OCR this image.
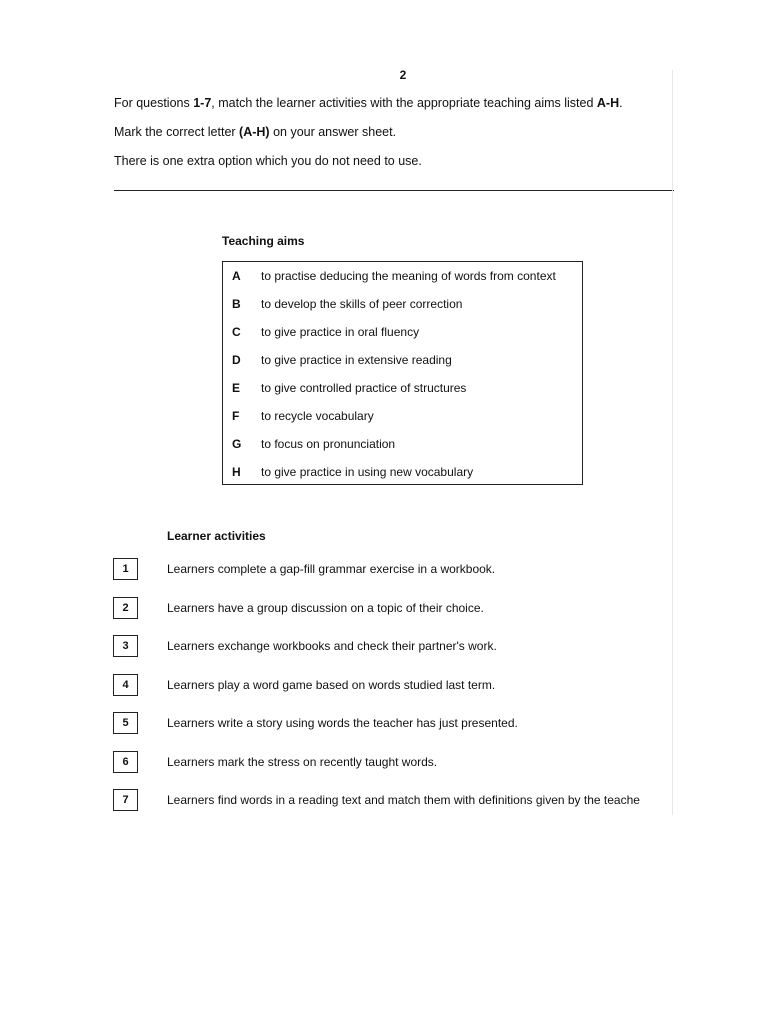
2
For questions 1-7, match the learner activities with the appropriate teaching aims listed A-H.
Mark the correct letter (A-H) on your answer sheet.
There is one extra option which you do not need to use.
Teaching aims
A to practise deducing the meaning of words from context
B to develop the skills of peer correction
C to give practice in oral fluency
D to give practice in extensive reading
E to give controlled practice of structures
F to recycle vocabulary
G to focus on pronunciation
H to give practice in using new vocabulary
Learner activities
1	Learners complete a gap-fill grammar exercise in a workbook.
2	Learners have a group discussion on a topic of their choice.
3	Learners exchange workbooks and check their partner's work.
4	Learners play a word game based on words studied last term.
5	Learners write a story using words the teacher has just presented.
6	Learners mark the stress on recently taught words.
7	Learners find words in a reading text and match them with definitions given by the teache
